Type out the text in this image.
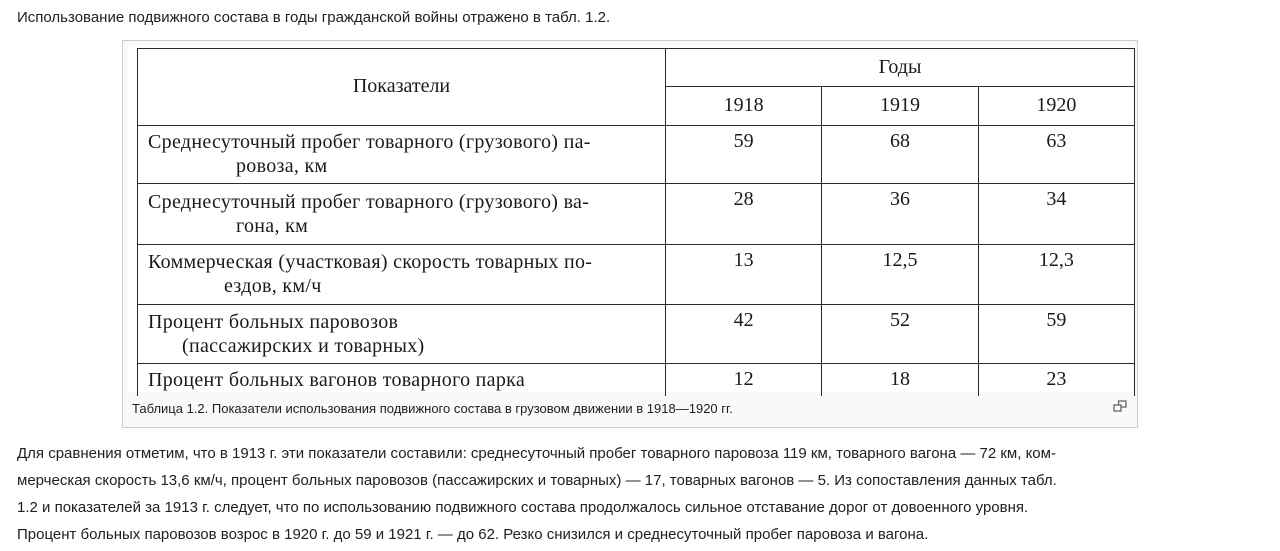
Использование подвижного состава в годы гражданской войны отражено в табл. 1.2.

Показатели	Годы		
	1918	1919	1920

Среднесуточный пробег товарного (грузового) па-
ровоза, км	59	68	63

Среднесуточный пробег товарного (грузового) ва-
гона, км	28	36	34

Коммерческая (участковая) скорость товарных по-
ездов, км/ч	13	12,5	12,3

Процент больных паровозов
(пассажирских и товарных)	42	52	59

Процент больных вагонов товарного парка	12	18	23
Таблица 1.2. Показатели использования подвижного состава в грузовом движении в 1918—1920 гг.

Для сравнения отметим, что в 1913 г. эти показатели составили: среднесуточный пробег товарного паровоза 119 км, товарного вагона — 72 км, ком-
мерческая скорость 13,6 км/ч, процент больных паровозов (пассажирских и товарных) — 17, товарных вагонов — 5. Из сопоставления данных табл.
1.2 и показателей за 1913 г. следует, что по использованию подвижного состава продолжалось сильное отставание дорог от довоенного уровня.
Процент больных паровозов возрос в 1920 г. до 59 и 1921 г. — до 62. Резко снизился и среднесуточный пробег паровоза и вагона.
